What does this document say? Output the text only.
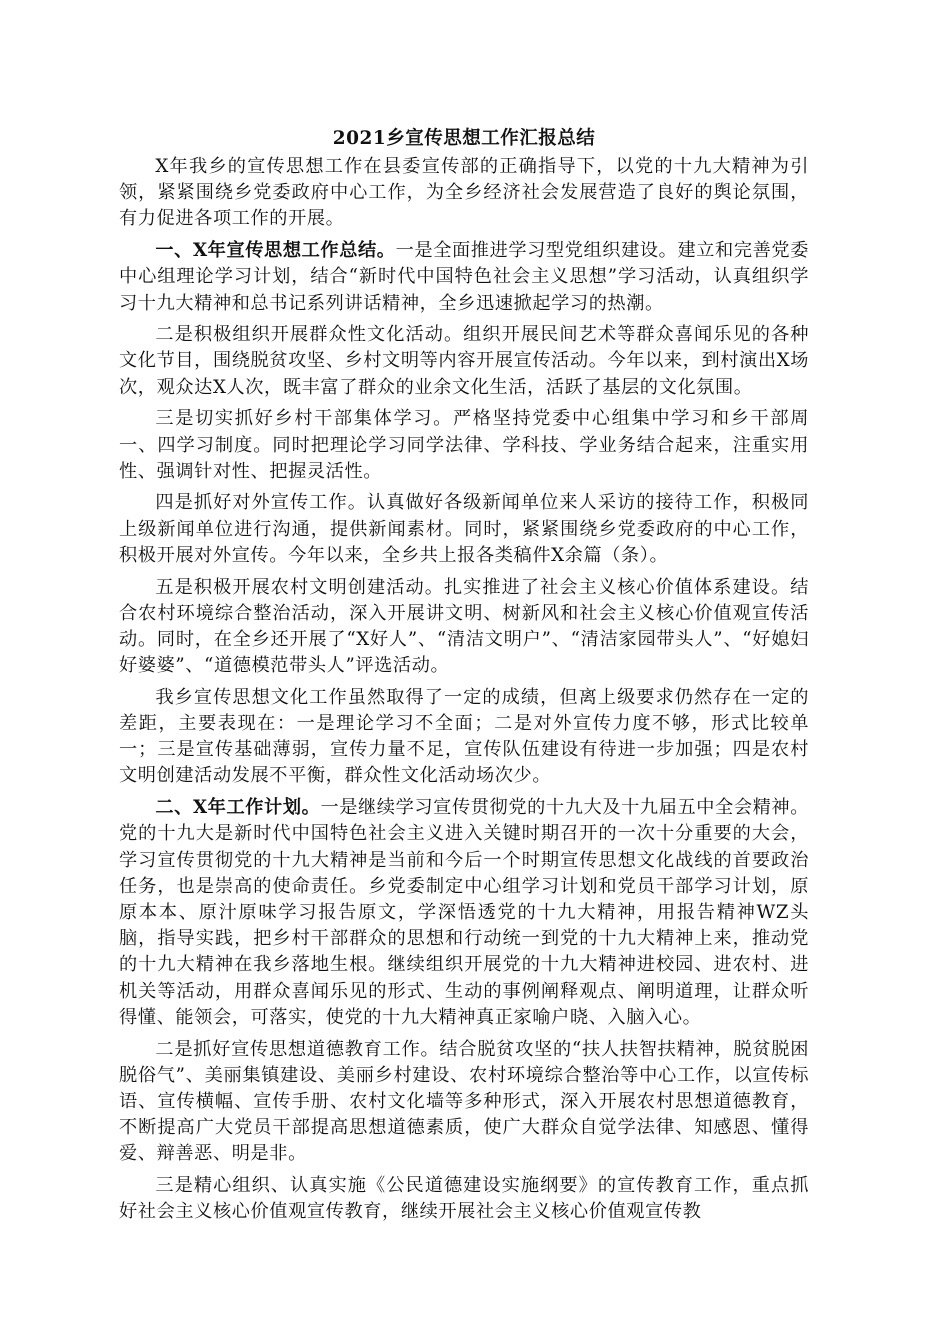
2021乡宣传思想工作汇报总结

X年我乡的宣传思想工作在县委宣传部的正确指导下，以党的十九大精神为引领，紧紧围绕乡党委政府中心工作，为全乡经济社会发展营造了良好的舆论氛围，有力促进各项工作的开展。

一、X年宣传思想工作总结。一是全面推进学习型党组织建设。建立和完善党委中心组理论学习计划，结合“新时代中国特色社会主义思想”学习活动，认真组织学习十九大精神和总书记系列讲话精神，全乡迅速掀起学习的热潮。

二是积极组织开展群众性文化活动。组织开展民间艺术等群众喜闻乐见的各种文化节目，围绕脱贫攻坚、乡村文明等内容开展宣传活动。今年以来，到村演出X场次，观众达X人次，既丰富了群众的业余文化生活，活跃了基层的文化氛围。

三是切实抓好乡村干部集体学习。严格坚持党委中心组集中学习和乡干部周一、四学习制度。同时把理论学习同学法律、学科技、学业务结合起来，注重实用性、强调针对性、把握灵活性。

四是抓好对外宣传工作。认真做好各级新闻单位来人采访的接待工作，积极同上级新闻单位进行沟通，提供新闻素材。同时，紧紧围绕乡党委政府的中心工作，积极开展对外宣传。今年以来，全乡共上报各类稿件X余篇（条）。

五是积极开展农村文明创建活动。扎实推进了社会主义核心价值体系建设。结合农村环境综合整治活动，深入开展讲文明、树新风和社会主义核心价值观宣传活动。同时，在全乡还开展了“X好人”、“清洁文明户”、“清洁家园带头人”、“好媳妇好婆婆”、“道德模范带头人”评选活动。

我乡宣传思想文化工作虽然取得了一定的成绩，但离上级要求仍然存在一定的差距，主要表现在：一是理论学习不全面；二是对外宣传力度不够，形式比较单一；三是宣传基础薄弱，宣传力量不足，宣传队伍建设有待进一步加强；四是农村文明创建活动发展不平衡，群众性文化活动场次少。

二、X年工作计划。一是继续学习宣传贯彻党的十九大及十九届五中全会精神。党的十九大是新时代中国特色社会主义进入关键时期召开的一次十分重要的大会，学习宣传贯彻党的十九大精神是当前和今后一个时期宣传思想文化战线的首要政治任务，也是崇高的使命责任。乡党委制定中心组学习计划和党员干部学习计划，原原本本、原汁原味学习报告原文，学深悟透党的十九大精神，用报告精神WZ头脑，指导实践，把乡村干部群众的思想和行动统一到党的十九大精神上来，推动党的十九大精神在我乡落地生根。继续组织开展党的十九大精神进校园、进农村、进机关等活动，用群众喜闻乐见的形式、生动的事例阐释观点、阐明道理，让群众听得懂、能领会，可落实，使党的十九大精神真正家喻户晓、入脑入心。

二是抓好宣传思想道德教育工作。结合脱贫攻坚的“扶人扶智扶精神，脱贫脱困脱俗气”、美丽集镇建设、美丽乡村建设、农村环境综合整治等中心工作，以宣传标语、宣传横幅、宣传手册、农村文化墙等多种形式，深入开展农村思想道德教育，不断提高广大党员干部提高思想道德素质，使广大群众自觉学法律、知感恩、懂得爱、辩善恶、明是非。

三是精心组织、认真实施《公民道德建设实施纲要》的宣传教育工作，重点抓好社会主义核心价值观宣传教育，继续开展社会主义核心价值观宣传教
